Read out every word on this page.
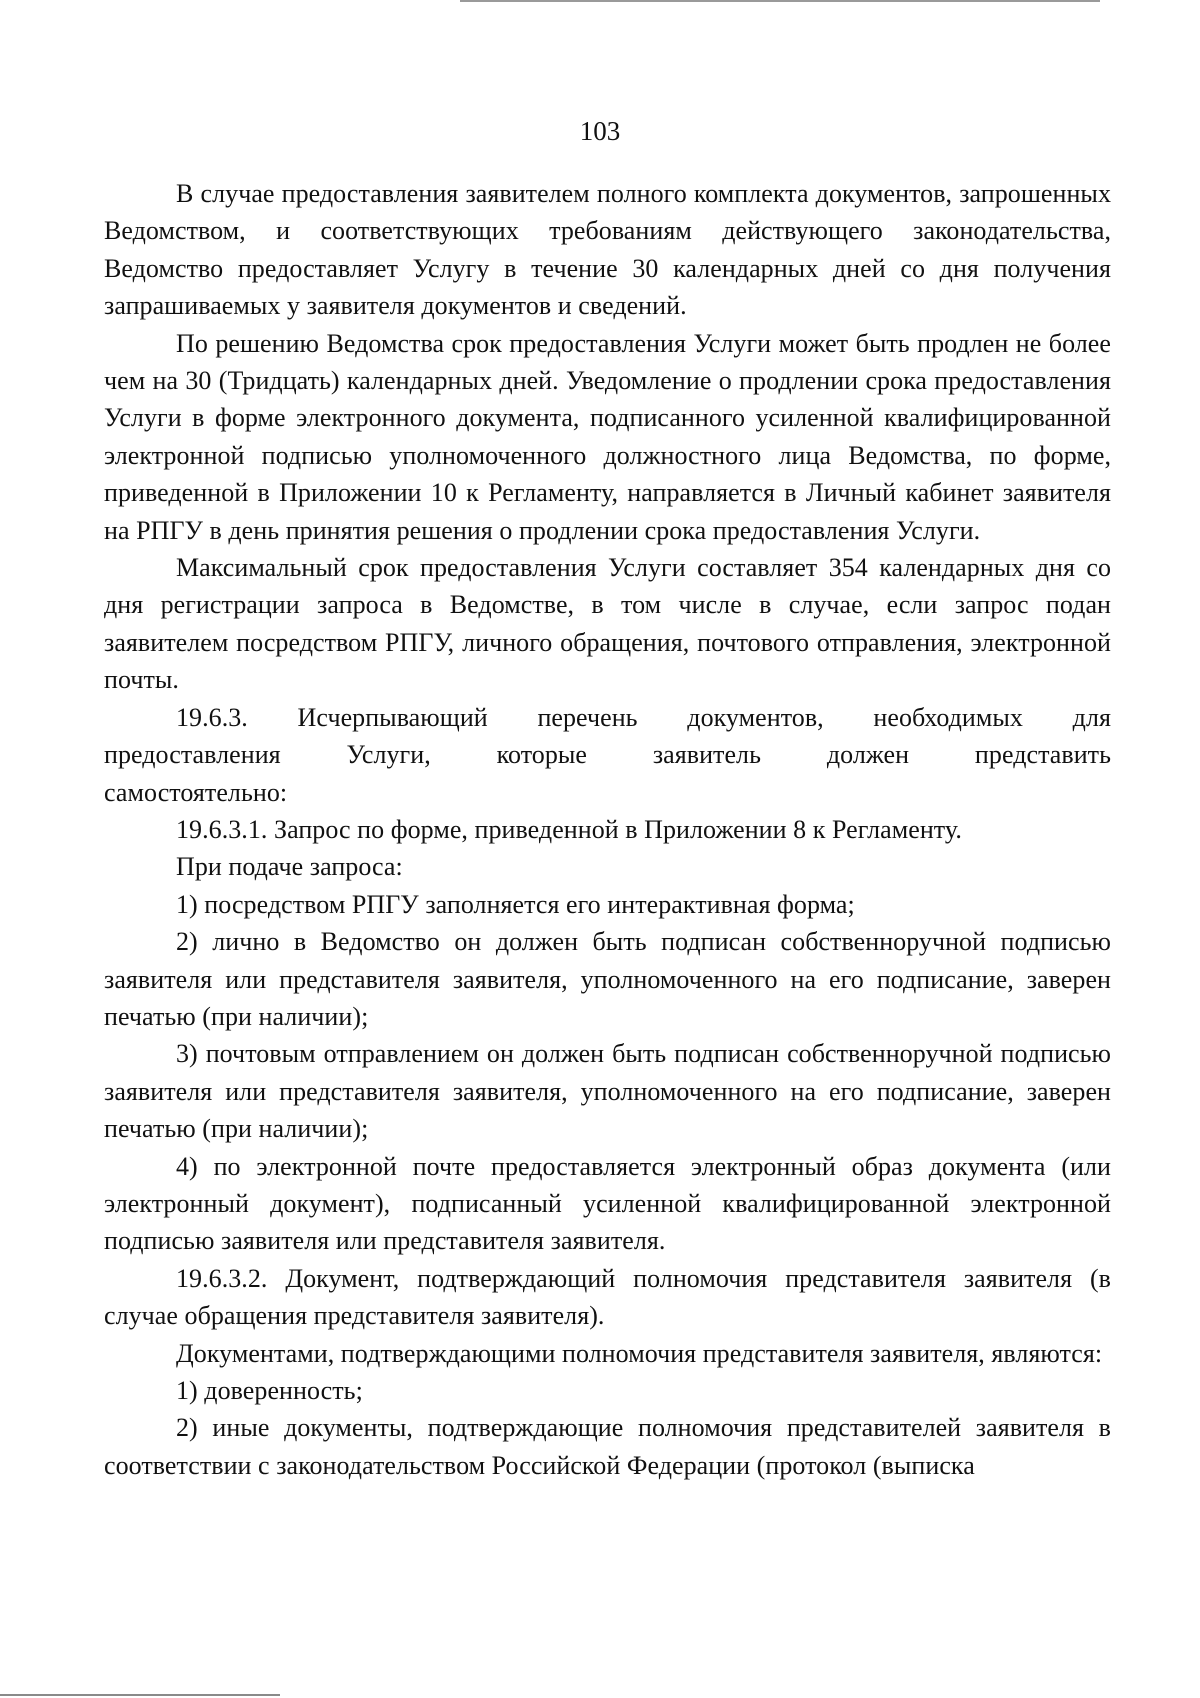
103

В случае предоставления заявителем полного комплекта документов, запрошенных Ведомством, и соответствующих требованиям действующего законодательства, Ведомство предоставляет Услугу в течение 30 календарных дней со дня получения запрашиваемых у заявителя документов и сведений.

По решению Ведомства срок предоставления Услуги может быть продлен не более чем на 30 (Тридцать) календарных дней. Уведомление о продлении срока предоставления Услуги в форме электронного документа, подписанного усиленной квалифицированной электронной подписью уполномоченного должностного лица Ведомства, по форме, приведенной в Приложении 10 к Регламенту, направляется в Личный кабинет заявителя на РПГУ в день принятия решения о продлении срока предоставления Услуги.

Максимальный срок предоставления Услуги составляет 354 календарных дня со дня регистрации запроса в Ведомстве, в том числе в случае, если запрос подан заявителем посредством РПГУ, личного обращения, почтового отправления, электронной почты.

19.6.3. Исчерпывающий перечень документов, необходимых для предоставления Услуги, которые заявитель должен представить самостоятельно:

19.6.3.1. Запрос по форме, приведенной в Приложении 8 к Регламенту.

При подаче запроса:

1) посредством РПГУ заполняется его интерактивная форма;

2) лично в Ведомство он должен быть подписан собственноручной подписью заявителя или представителя заявителя, уполномоченного на его подписание, заверен печатью (при наличии);

3) почтовым отправлением он должен быть подписан собственноручной подписью заявителя или представителя заявителя, уполномоченного на его подписание, заверен печатью (при наличии);

4) по электронной почте предоставляется электронный образ документа (или электронный документ), подписанный усиленной квалифицированной электронной подписью заявителя или представителя заявителя.

19.6.3.2. Документ, подтверждающий полномочия представителя заявителя (в случае обращения представителя заявителя).

Документами, подтверждающими полномочия представителя заявителя, являются:

1) доверенность;

2) иные документы, подтверждающие полномочия представителей заявителя в соответствии с законодательством Российской Федерации (протокол (выписка
